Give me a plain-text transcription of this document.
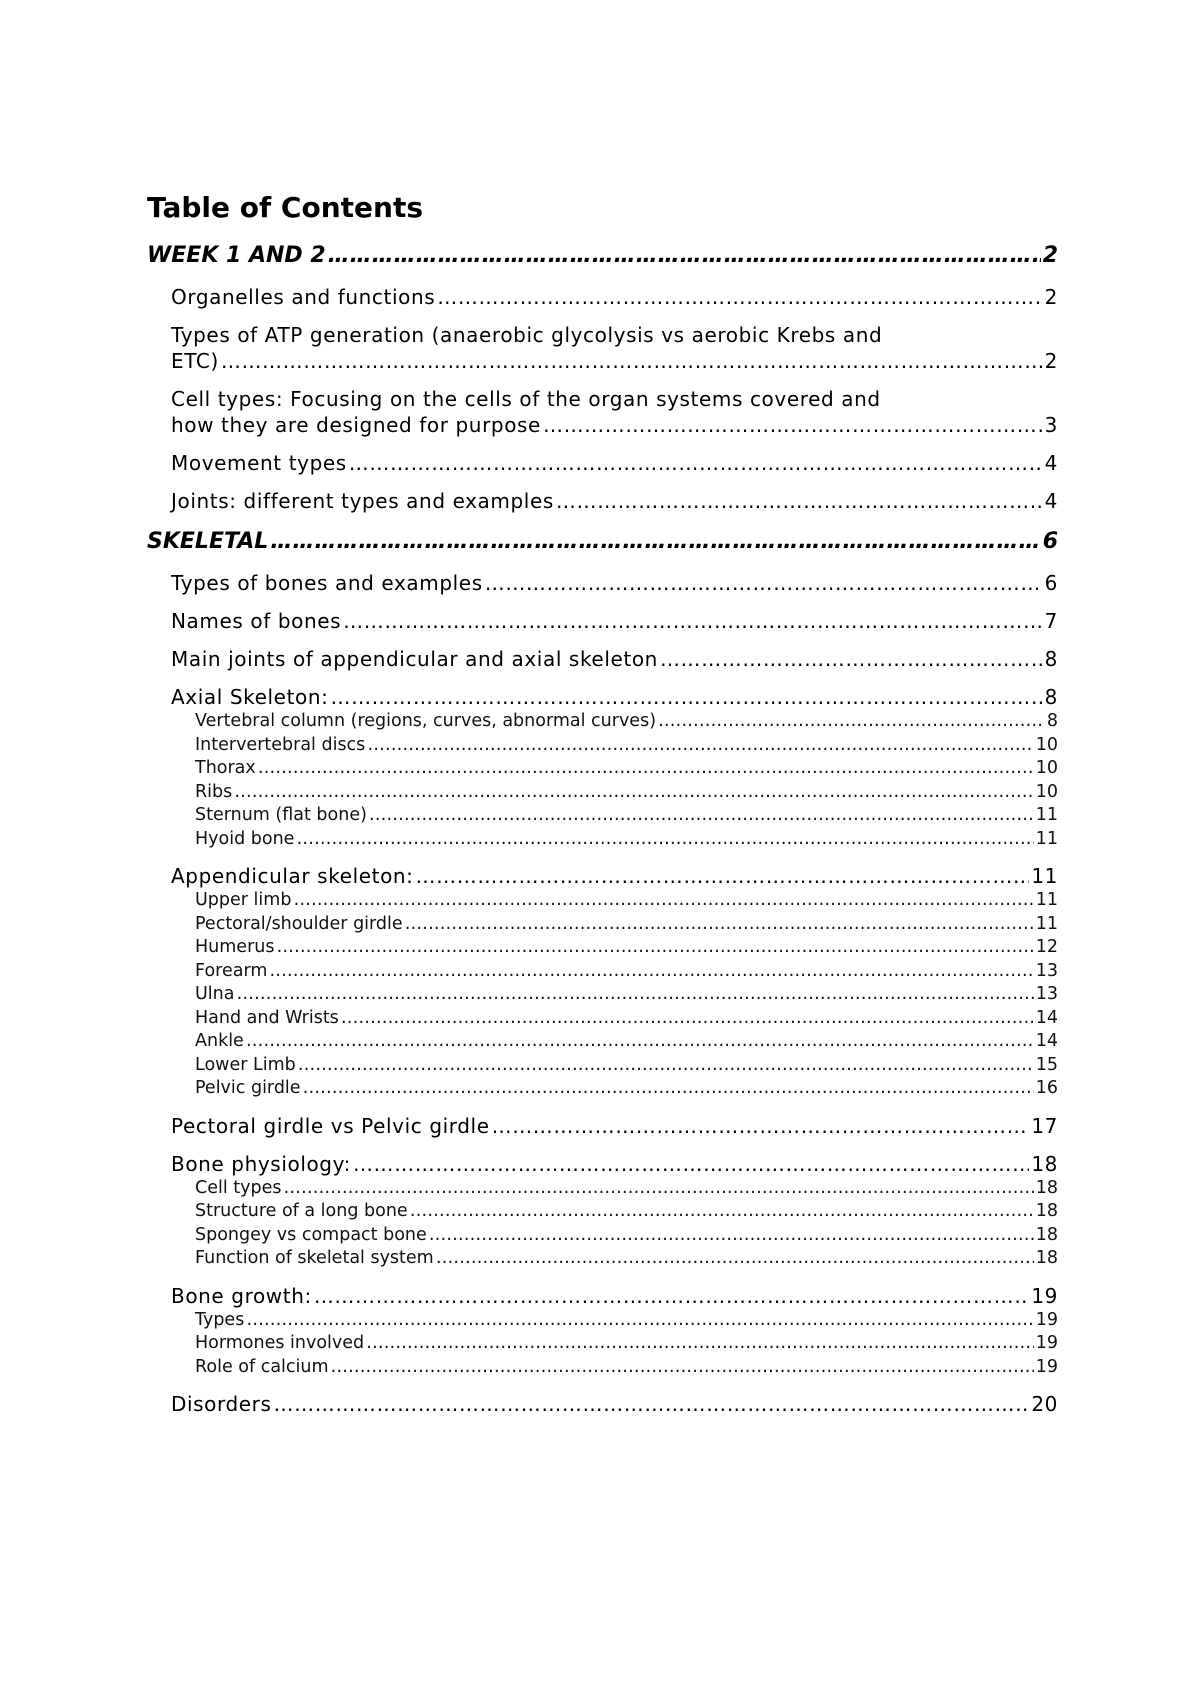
Table of Contents
WEEK 1 AND 2 …………………………………………………………………………………………………………………………………………………………………………………………………………………………………………………………………………………………………………………………	2
Organelles and functions …………………………………………………………………………………………………………………………………………………………………………………………………………………………………………………………………………………………………………………………	2
Types of ATP generation (anaerobic glycolysis vs aerobic Krebs and
ETC) …………………………………………………………………………………………………………………………………………………………………………………………………………………………………………………………………………………………………………………………	2
Cell types: Focusing on the cells of the organ systems covered and
how they are designed for purpose …………………………………………………………………………………………………………………………………………………………………………………………………………………………………………………………………………………………………………………………	3
Movement types …………………………………………………………………………………………………………………………………………………………………………………………………………………………………………………………………………………………………………………………	4
Joints: different types and examples …………………………………………………………………………………………………………………………………………………………………………………………………………………………………………………………………………………………………………………………	4
SKELETAL …………………………………………………………………………………………………………………………………………………………………………………………………………………………………………………………………………………………………………………………	6
Types of bones and examples …………………………………………………………………………………………………………………………………………………………………………………………………………………………………………………………………………………………………………………………	6
Names of bones …………………………………………………………………………………………………………………………………………………………………………………………………………………………………………………………………………………………………………………………	7
Main joints of appendicular and axial skeleton …………………………………………………………………………………………………………………………………………………………………………………………………………………………………………………………………………………………………………………………	8
Axial Skeleton: …………………………………………………………………………………………………………………………………………………………………………………………………………………………………………………………………………………………………………………………	8
Vertebral column (regions, curves, abnormal curves) …………………………………………………………………………………………………………………………………………………………………………………………………………………………………………………………………………………………………………………………	8
Intervertebral discs …………………………………………………………………………………………………………………………………………………………………………………………………………………………………………………………………………………………………………………………	10
Thorax …………………………………………………………………………………………………………………………………………………………………………………………………………………………………………………………………………………………………………………………	10
Ribs …………………………………………………………………………………………………………………………………………………………………………………………………………………………………………………………………………………………………………………………	10
Sternum (flat bone) …………………………………………………………………………………………………………………………………………………………………………………………………………………………………………………………………………………………………………………………	11
Hyoid bone …………………………………………………………………………………………………………………………………………………………………………………………………………………………………………………………………………………………………………………………	11
Appendicular skeleton: …………………………………………………………………………………………………………………………………………………………………………………………………………………………………………………………………………………………………………………………	11
Upper limb …………………………………………………………………………………………………………………………………………………………………………………………………………………………………………………………………………………………………………………………	11
Pectoral/shoulder girdle …………………………………………………………………………………………………………………………………………………………………………………………………………………………………………………………………………………………………………………………	11
Humerus …………………………………………………………………………………………………………………………………………………………………………………………………………………………………………………………………………………………………………………………	12
Forearm …………………………………………………………………………………………………………………………………………………………………………………………………………………………………………………………………………………………………………………………	13
Ulna …………………………………………………………………………………………………………………………………………………………………………………………………………………………………………………………………………………………………………………………	13
Hand and Wrists …………………………………………………………………………………………………………………………………………………………………………………………………………………………………………………………………………………………………………………………	14
Ankle …………………………………………………………………………………………………………………………………………………………………………………………………………………………………………………………………………………………………………………………	14
Lower Limb …………………………………………………………………………………………………………………………………………………………………………………………………………………………………………………………………………………………………………………………	15
Pelvic girdle …………………………………………………………………………………………………………………………………………………………………………………………………………………………………………………………………………………………………………………………	16
Pectoral girdle vs Pelvic girdle …………………………………………………………………………………………………………………………………………………………………………………………………………………………………………………………………………………………………………………………	17
Bone physiology: …………………………………………………………………………………………………………………………………………………………………………………………………………………………………………………………………………………………………………………………	18
Cell types …………………………………………………………………………………………………………………………………………………………………………………………………………………………………………………………………………………………………………………………	18
Structure of a long bone …………………………………………………………………………………………………………………………………………………………………………………………………………………………………………………………………………………………………………………………	18
Spongey vs compact bone …………………………………………………………………………………………………………………………………………………………………………………………………………………………………………………………………………………………………………………………	18
Function of skeletal system …………………………………………………………………………………………………………………………………………………………………………………………………………………………………………………………………………………………………………………………	18
Bone growth: …………………………………………………………………………………………………………………………………………………………………………………………………………………………………………………………………………………………………………………………	19
Types …………………………………………………………………………………………………………………………………………………………………………………………………………………………………………………………………………………………………………………………	19
Hormones involved …………………………………………………………………………………………………………………………………………………………………………………………………………………………………………………………………………………………………………………………	19
Role of calcium …………………………………………………………………………………………………………………………………………………………………………………………………………………………………………………………………………………………………………………………	19
Disorders …………………………………………………………………………………………………………………………………………………………………………………………………………………………………………………………………………………………………………………………	20
